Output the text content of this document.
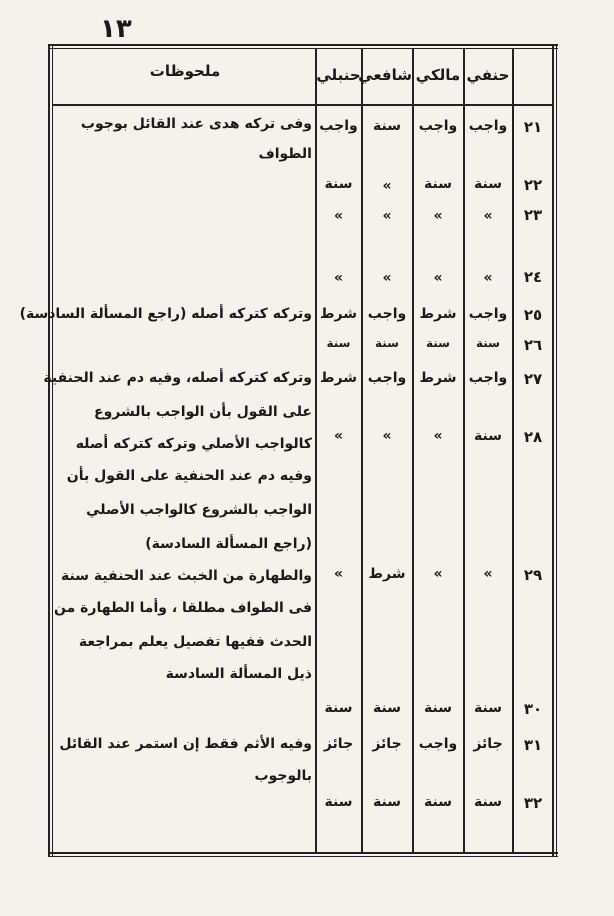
١٣
ملحوظات	حنبلي
شافعي مالكي حنفي
٢١
واجب
واجب
سنة
واجب
وفى تركه هدى عند القائل بوجوب
الطواف
٢٢
سنة
سنة
»
سنة
٢٣
»
»
»
»
٢٤
»
»
»
»
٢٥
واجب
شرط
واجب
شرط
وتركه كتركه أصله (راجع المسألة السادسة)
٢٦
سنة
سنة
سنة
سنة
٢٧
واجب
شرط
واجب
شرط
وتركه كتركه أصله، وفيه دم عند الحنفية
على القول بأن الواجب بالشروع
٢٨
سنة
»
»
»
كالواجب الأصلي وتركه كتركه أصله
وفيه دم عند الحنفية على القول بأن
الواجب بالشروع كالواجب الأصلي
(راجع المسألة السادسة)
٢٩
»
»
شرط
»
والطهارة من الخبث عند الحنفية سنة
فى الطواف مطلقا ، وأما الطهارة من
الحدث ففيها تفصيل يعلم بمراجعة
ذيل المسألة السادسة
٣٠
سنة
سنة
سنة
سنة
٣١
جائز
واجب
جائز
جائز
وفيه الأثم فقط إن استمر عند القائل
بالوجوب
٣٢
سنة
سنة
سنة
سنة
